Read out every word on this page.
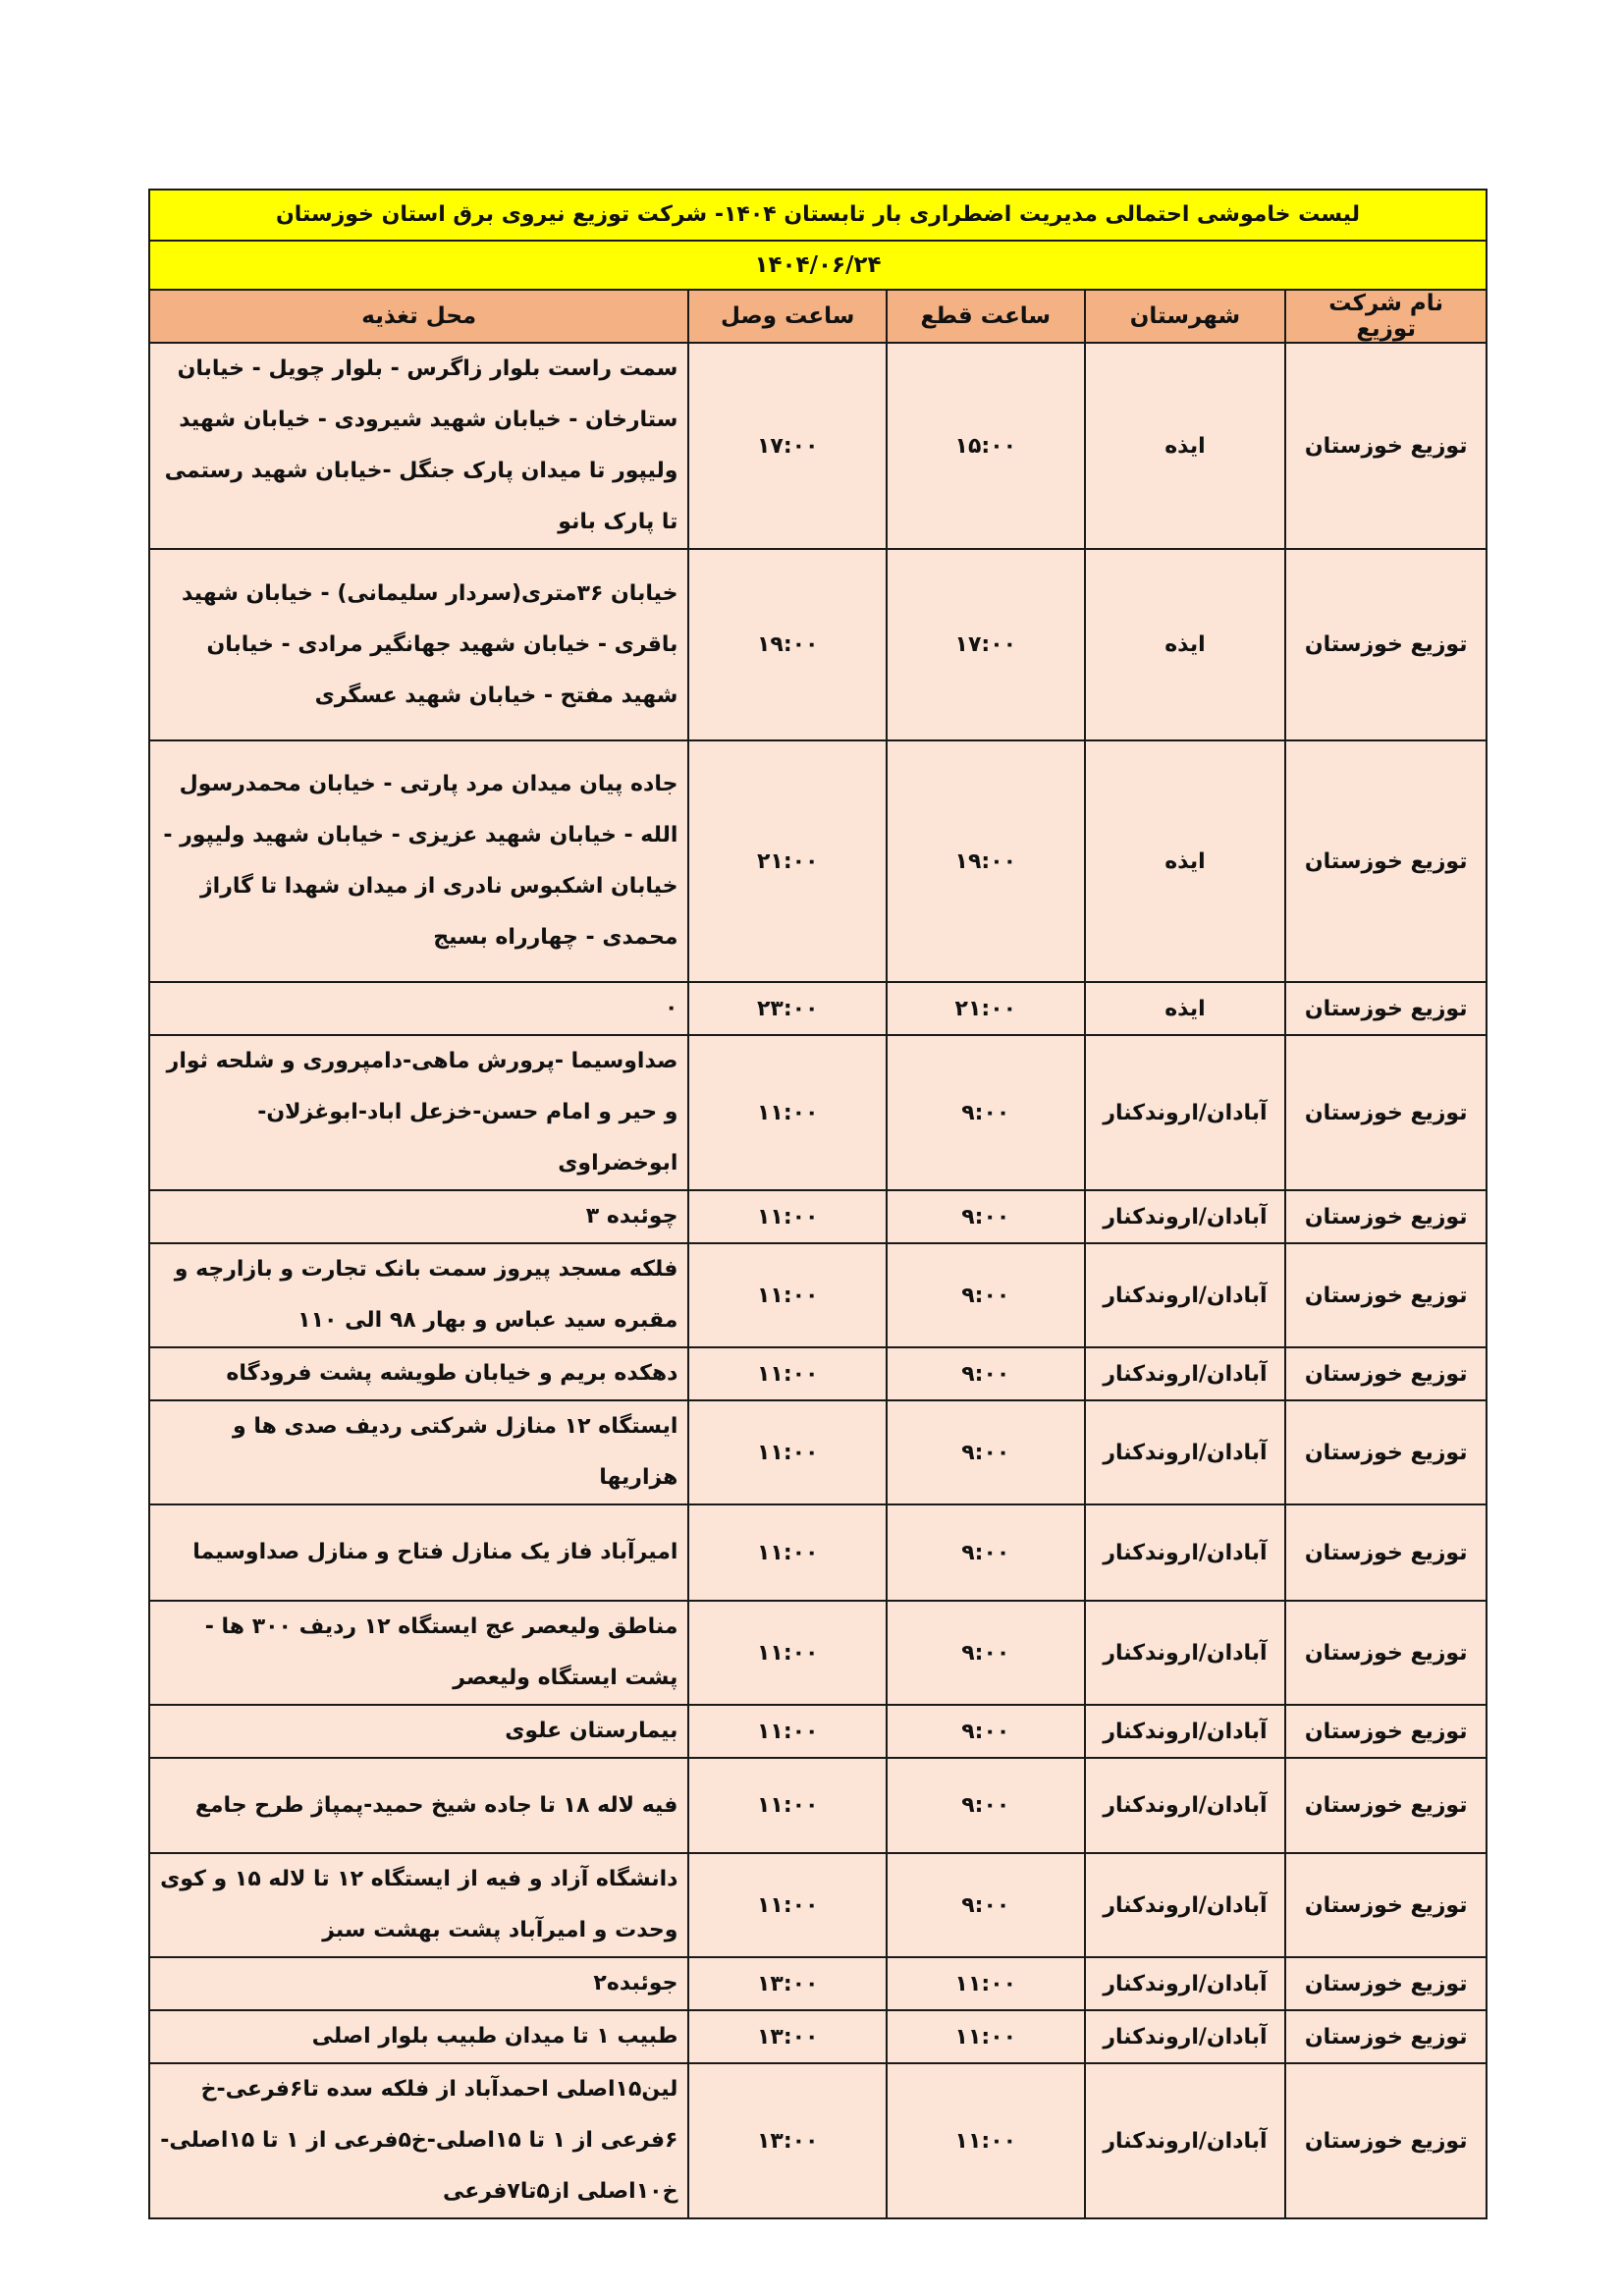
لیست خاموشی احتمالی مدیریت اضطراری بار تابستان ۱۴۰۴- شرکت توزیع نیروی برق استان خوزستان				
۱۴۰۴/۰۶/۲۴				
نام شرکت توزیع	شهرستان	ساعت قطع	ساعت وصل	محل تغذیه
توزیع خوزستان	ایذه	۱۵:۰۰	۱۷:۰۰	سمت راست بلوار زاگرس - بلوار چویل - خیابان ستارخان - خیابان شهید شیرودی - خیابان شهید ولیپور تا میدان پارک جنگل -خیابان شهید رستمی تا پارک بانو
توزیع خوزستان	ایذه	۱۷:۰۰	۱۹:۰۰	خیابان ۳۶متری(سردار سلیمانی) - خیابان شهید باقری - خیابان شهید جهانگیر مرادی - خیابان شهید مفتح - خیابان شهید عسگری
توزیع خوزستان	ایذه	۱۹:۰۰	۲۱:۰۰	جاده پیان میدان مرد پارتی - خیابان محمدرسول الله - خیابان شهید عزیزی - خیابان شهید ولیپور - خیابان اشکبوس نادری از میدان شهدا تا گاراژ محمدی - چهارراه بسیج
توزیع خوزستان	ایذه	۲۱:۰۰	۲۳:۰۰	۰
توزیع خوزستان	آبادان/اروندکنار	۹:۰۰	۱۱:۰۰	صداوسیما -پرورش ماهی-دامپروری و شلحه ثوار و حیر و امام حسن-خزعل اباد-ابوغزلان-ابوخضراوی
توزیع خوزستان	آبادان/اروندکنار	۹:۰۰	۱۱:۰۰	چوئبده ۳
توزیع خوزستان	آبادان/اروندکنار	۹:۰۰	۱۱:۰۰	فلکه مسجد پیروز سمت بانک تجارت و بازارچه و مقبره سید عباس و بهار ۹۸ الی ۱۱۰
توزیع خوزستان	آبادان/اروندکنار	۹:۰۰	۱۱:۰۰	دهکده بریم و خیابان طویشه پشت فرودگاه
توزیع خوزستان	آبادان/اروندکنار	۹:۰۰	۱۱:۰۰	ایستگاه ۱۲ منازل شرکتی ردیف صدی ها و هزاریها
توزیع خوزستان	آبادان/اروندکنار	۹:۰۰	۱۱:۰۰	امیرآباد فاز یک منازل فتاح و منازل صداوسیما
توزیع خوزستان	آبادان/اروندکنار	۹:۰۰	۱۱:۰۰	مناطق ولیعصر عج ایستگاه ۱۲ ردیف ۳۰۰ ها - پشت ایستگاه ولیعصر
توزیع خوزستان	آبادان/اروندکنار	۹:۰۰	۱۱:۰۰	بیمارستان علوی
توزیع خوزستان	آبادان/اروندکنار	۹:۰۰	۱۱:۰۰	فیه لاله ۱۸ تا جاده شیخ حمید-پمپاژ طرح جامع
توزیع خوزستان	آبادان/اروندکنار	۹:۰۰	۱۱:۰۰	دانشگاه آزاد و فیه از ایستگاه ۱۲ تا لاله ۱۵ و کوی وحدت و امیرآباد پشت بهشت سبز
توزیع خوزستان	آبادان/اروندکنار	۱۱:۰۰	۱۳:۰۰	جوئبده۲
توزیع خوزستان	آبادان/اروندکنار	۱۱:۰۰	۱۳:۰۰	طبیب ۱ تا میدان طبیب بلوار اصلی
توزیع خوزستان	آبادان/اروندکنار	۱۱:۰۰	۱۳:۰۰	لین۱۵اصلی احمدآباد از فلکه سده تا۶فرعی-خ ۶فرعی از ۱ تا ۱۵اصلی-خ۵فرعی از ۱ تا ۱۵اصلی-خ۱۰اصلی از۵تا۷فرعی
